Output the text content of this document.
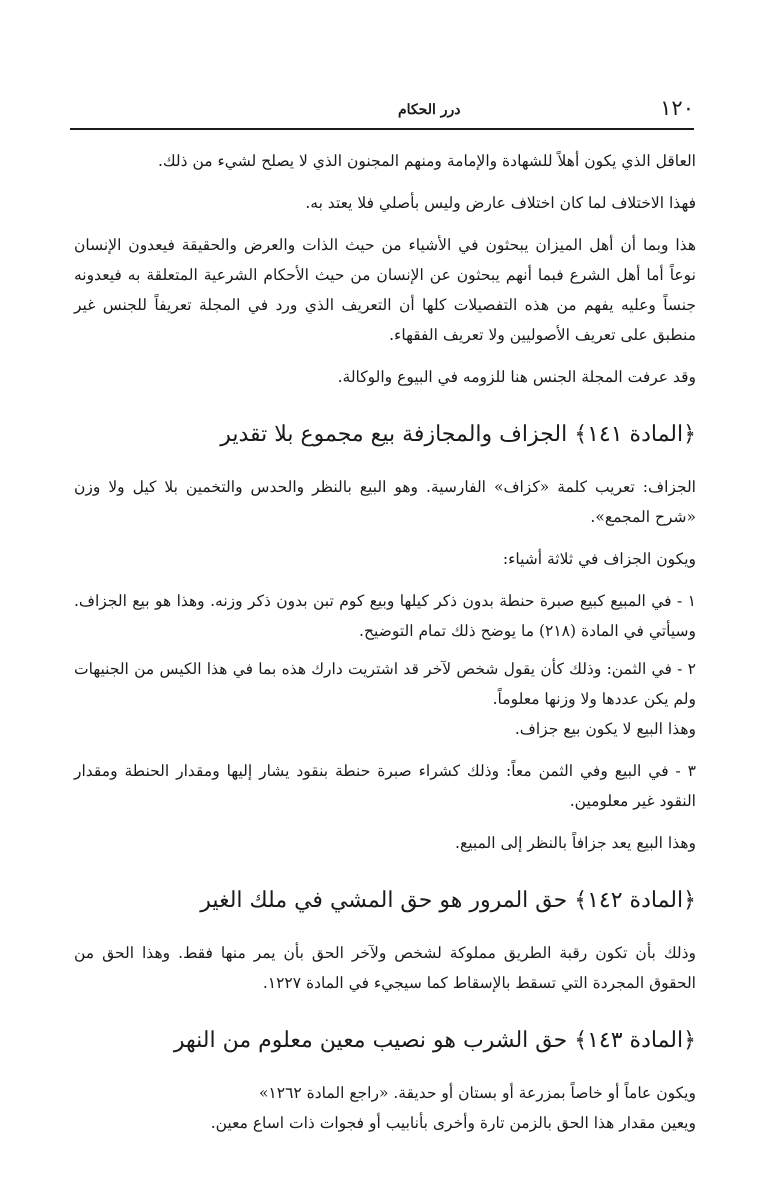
١٢٠
درر الحكام

العاقل الذي يكون أهلاً للشهادة والإمامة ومنهم المجنون الذي لا يصلح لشيء من ذلك.

فهذا الاختلاف لما كان اختلاف عارض وليس بأصلي فلا يعتد به.

هذا وبما أن أهل الميزان يبحثون في الأشياء من حيث الذات والعرض والحقيقة فيعدون الإنسان نوعاً أما أهل الشرع فبما أنهم يبحثون عن الإنسان من حيث الأحكام الشرعية المتعلقة به فيعدونه جنساً وعليه يفهم من هذه التفصيلات كلها أن التعريف الذي ورد في المجلة تعريفاً للجنس غير منطبق على تعريف الأصوليين ولا تعريف الفقهاء.

وقد عرفت المجلة الجنس هنا للزومه في البيوع والوكالة.

﴿المادة ١٤١﴾ الجزاف والمجازفة بيع مجموع بلا تقدير

الجزاف: تعريب كلمة «كزاف» الفارسية. وهو البيع بالنظر والحدس والتخمين بلا كيل ولا وزن «شرح المجمع».

ويكون الجزاف في ثلاثة أشياء:

١ - في المبيع كبيع صبرة حنطة بدون ذكر كيلها وبيع كوم تبن بدون ذكر وزنه. وهذا هو بيع الجزاف. وسيأتي في المادة (٢١٨) ما يوضح ذلك تمام التوضيح.

٢ - في الثمن: وذلك كأن يقول شخص لآخر قد اشتريت دارك هذه بما في هذا الكيس من الجنيهات ولم يكن عددها ولا وزنها معلوماً.

وهذا البيع لا يكون بيع جزاف.

٣ - في البيع وفي الثمن معاً: وذلك كشراء صبرة حنطة بنقود يشار إليها ومقدار الحنطة ومقدار النقود غير معلومين.

وهذا البيع يعد جزافاً بالنظر إلى المبيع.

﴿المادة ١٤٢﴾ حق المرور هو حق المشي في ملك الغير

وذلك بأن تكون رقبة الطريق مملوكة لشخص ولآخر الحق بأن يمر منها فقط. وهذا الحق من الحقوق المجردة التي تسقط بالإسقاط كما سيجيء في المادة ١٢٢٧.

﴿المادة ١٤٣﴾ حق الشرب هو نصيب معين معلوم من النهر

ويكون عاماً أو خاصاً بمزرعة أو بستان أو حديقة. «راجع المادة ١٢٦٢»

ويعين مقدار هذا الحق بالزمن تارة وأخرى بأنابيب أو فجوات ذات اساع معين.
